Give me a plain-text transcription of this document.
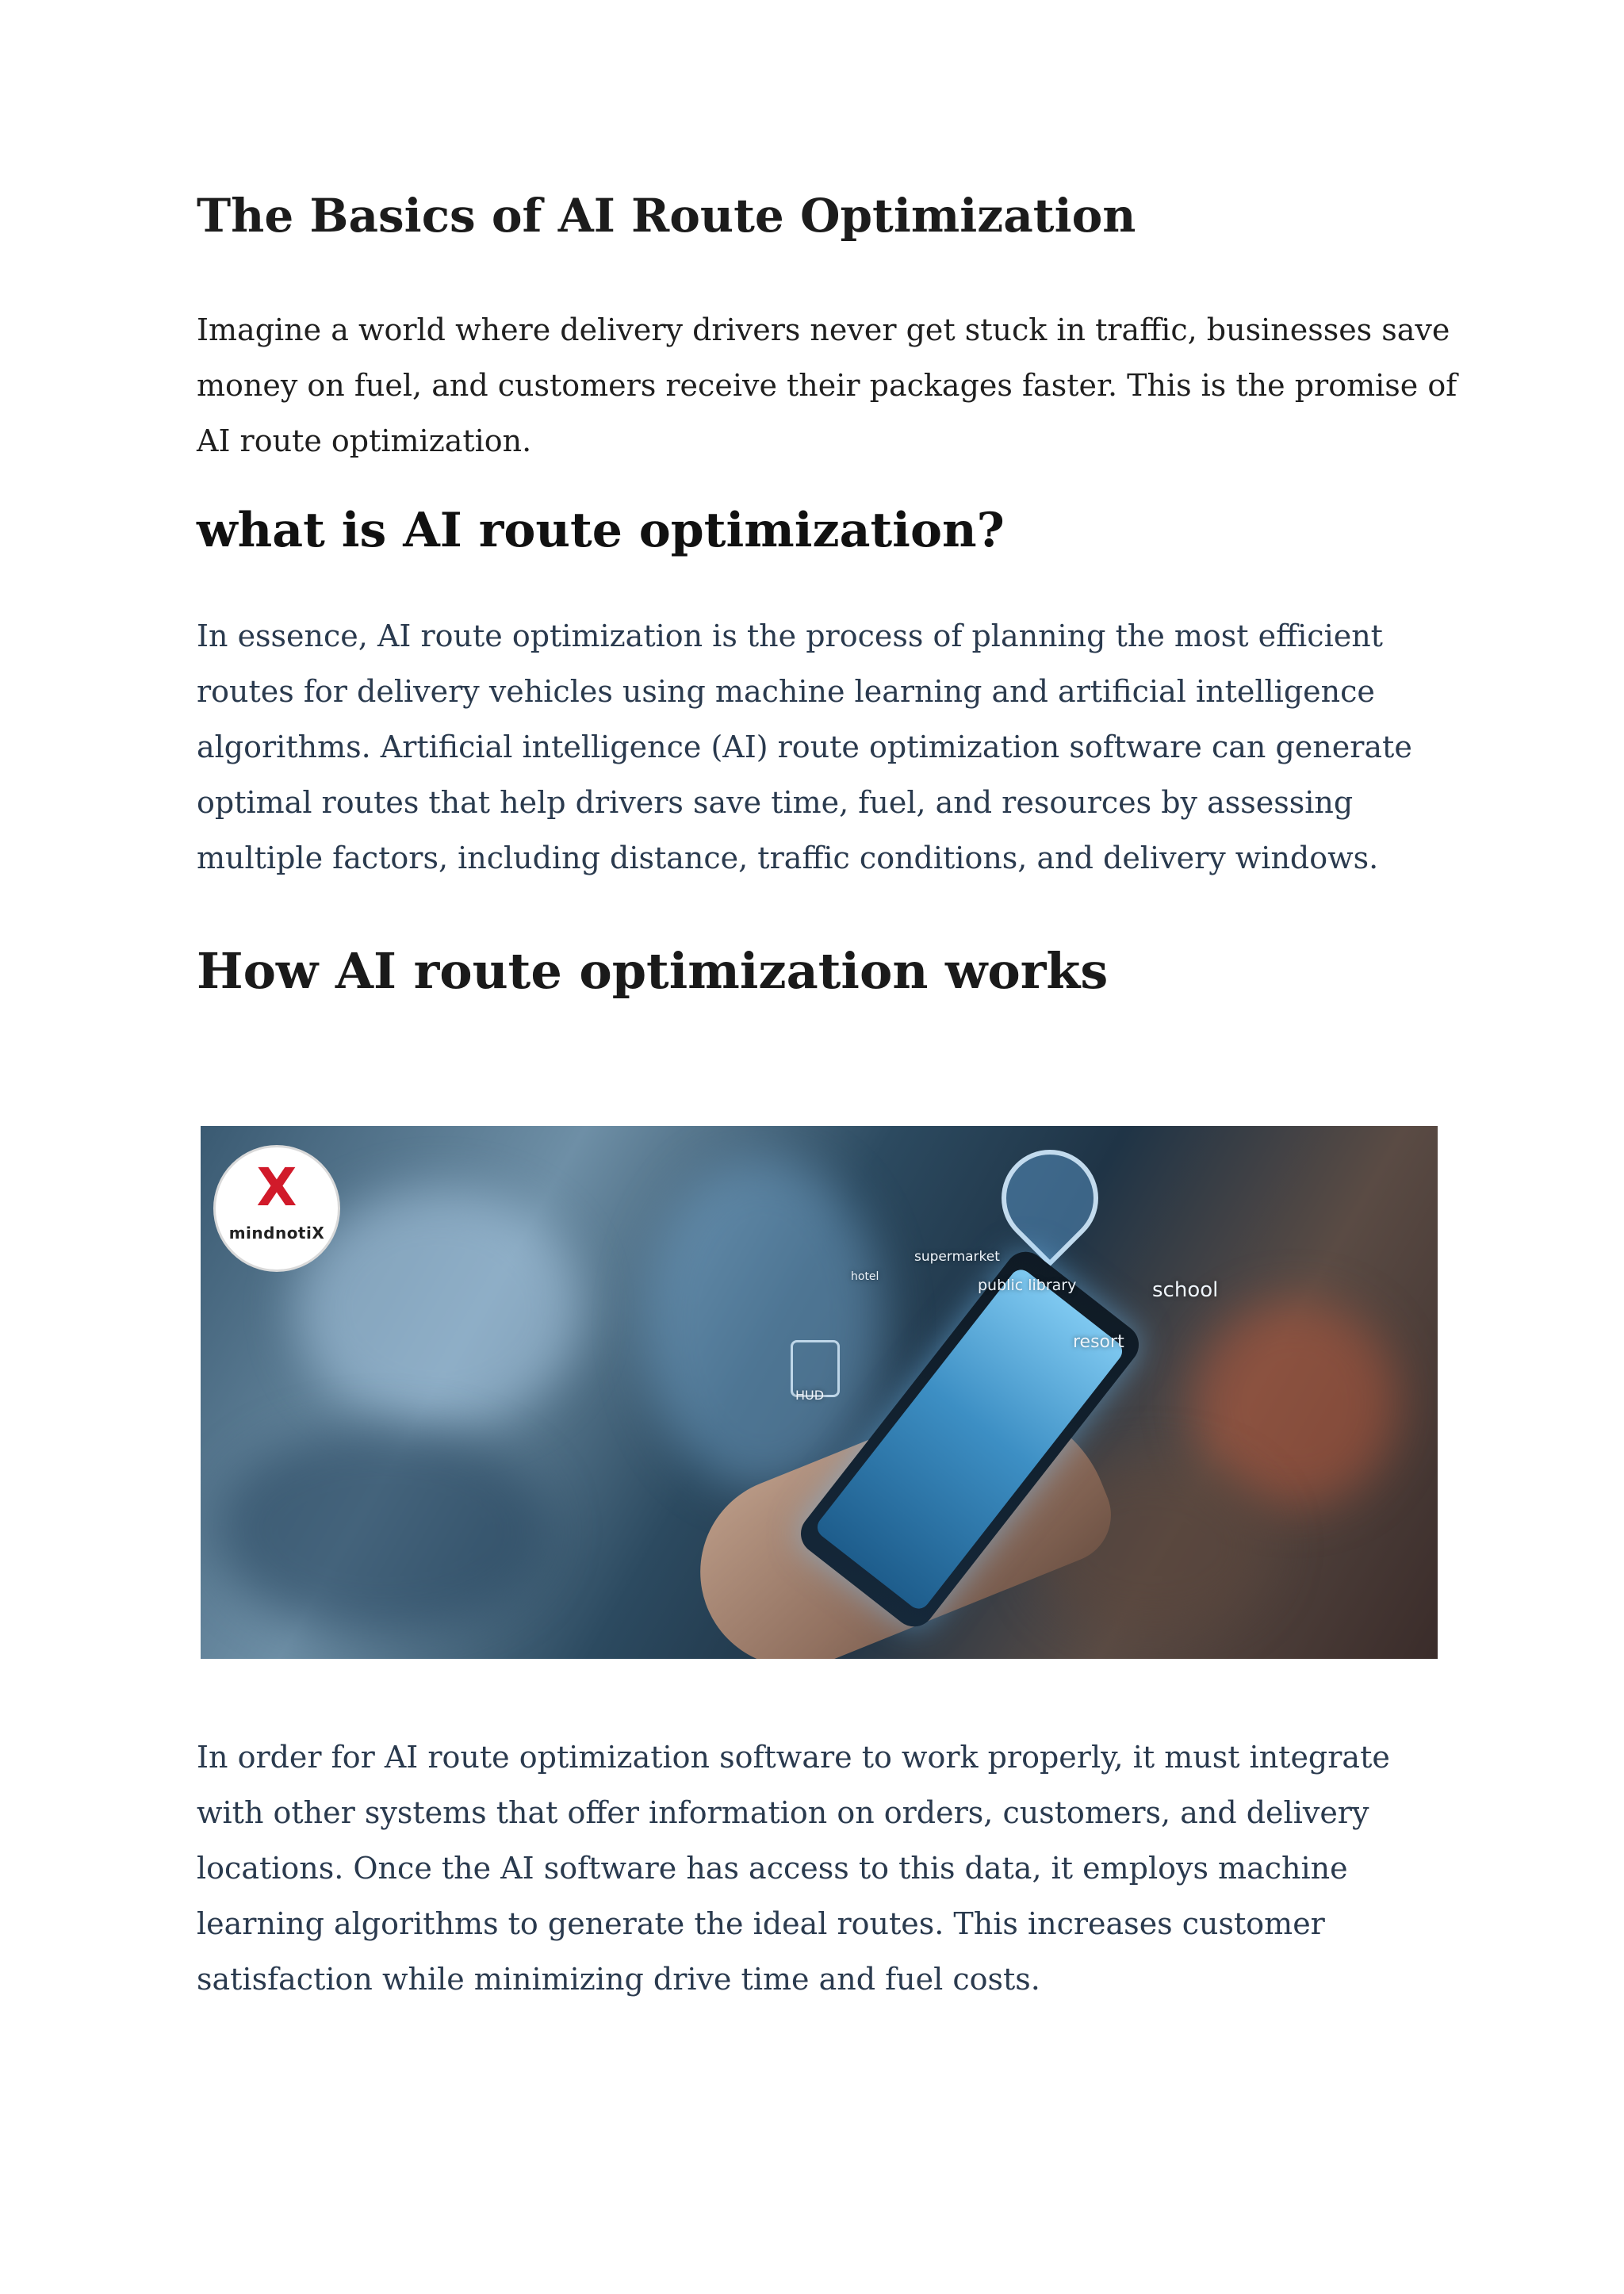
The Basics of AI Route Optimization

Imagine a world where delivery drivers never get stuck in traffic, businesses save money on fuel, and customers receive their packages faster. This is the promise of AI route optimization.

what is AI route optimization?

In essence, AI route optimization is the process of planning the most efficient routes for delivery vehicles using machine learning and artificial intelligence algorithms. Artificial intelligence (AI) route optimization software can generate optimal routes that help drivers save time, fuel, and resources by assessing multiple factors, including distance, traffic conditions, and delivery windows.

How AI route optimization works
supermarket
hotel	public library	school
resort
HUD
X
mindnotiX

In order for AI route optimization software to work properly, it must integrate with other systems that offer information on orders, customers, and delivery locations. Once the AI software has access to this data, it employs machine learning algorithms to generate the ideal routes. This increases customer satisfaction while minimizing drive time and fuel costs.
